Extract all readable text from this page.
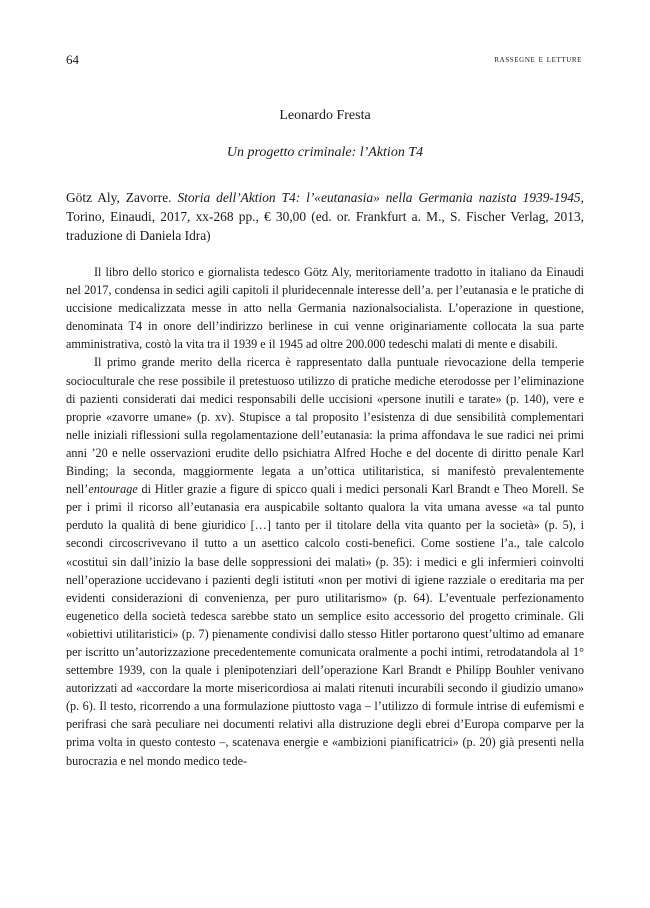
64	rassegne e letture
Leonardo Fresta
Un progetto criminale: l’Aktion T4
Götz Aly, Zavorre. Storia dell’Aktion T4: l’«eutanasia» nella Germania nazista 1939-1945, Torino, Einaudi, 2017, xx-268 pp., € 30,00 (ed. or. Frankfurt a. M., S. Fischer Verlag, 2013, traduzione di Daniela Idra)

Il libro dello storico e giornalista tedesco Götz Aly, meritoriamente tradotto in italiano da Einaudi nel 2017, condensa in sedici agili capitoli il pluridecennale interesse dell’a. per l’eutanasia e le pratiche di uccisione medicalizzata messe in atto nella Germania nazionalsocialista. L’operazione in questione, denominata T4 in onore dell’indirizzo berlinese in cui venne originariamente collocata la sua parte amministrativa, costò la vita tra il 1939 e il 1945 ad oltre 200.000 tedeschi malati di mente e disabili.

Il primo grande merito della ricerca è rappresentato dalla puntuale rievocazione della temperie socioculturale che rese possibile il pretestuoso utilizzo di pratiche mediche eterodosse per l’eliminazione di pazienti considerati dai medici responsabili delle uccisioni «persone inutili e tarate» (p. 140), vere e proprie «zavorre umane» (p. xv). Stupisce a tal proposito l’esistenza di due sensibilità complementari nelle iniziali riflessioni sulla regolamentazione dell’eutanasia: la prima affondava le sue radici nei primi anni ’20 e nelle osservazioni erudite dello psichiatra Alfred Hoche e del docente di diritto penale Karl Binding; la seconda, maggiormente legata a un’ottica utilitaristica, si manifestò prevalentemente nell’entourage di Hitler grazie a figure di spicco quali i medici personali Karl Brandt e Theo Morell. Se per i primi il ricorso all’eutanasia era auspicabile soltanto qualora la vita umana avesse «a tal punto perduto la qualità di bene giuridico […] tanto per il titolare della vita quanto per la società» (p. 5), i secondi circoscrivevano il tutto a un asettico calcolo costi-benefici. Come sostiene l’a., tale calcolo «costituì sin dall’inizio la base delle soppressioni dei malati» (p. 35): i medici e gli infermieri coinvolti nell’operazione uccidevano i pazienti degli istituti «non per motivi di igiene razziale o ereditaria ma per evidenti considerazioni di convenienza, per puro utilitarismo» (p. 64). L’eventuale perfezionamento eugenetico della società tedesca sarebbe stato un semplice esito accessorio del progetto criminale. Gli «obiettivi utilitaristici» (p. 7) pienamente condivisi dallo stesso Hitler portarono quest’ultimo ad emanare per iscritto un’autorizzazione precedentemente comunicata oralmente a pochi intimi, retrodatandola al 1° settembre 1939, con la quale i plenipotenziari dell’operazione Karl Brandt e Philipp Bouhler venivano autorizzati ad «accordare la morte misericordiosa ai malati ritenuti incurabili secondo il giudizio umano» (p. 6). Il testo, ricorrendo a una formulazione piuttosto vaga – l’utilizzo di formule intrise di eufemismi e perifrasi che sarà peculiare nei documenti relativi alla distruzione degli ebrei d’Europa comparve per la prima volta in questo contesto –, scatenava energie e «ambizioni pianificatrici» (p. 20) già presenti nella burocrazia e nel mondo medico tede-
